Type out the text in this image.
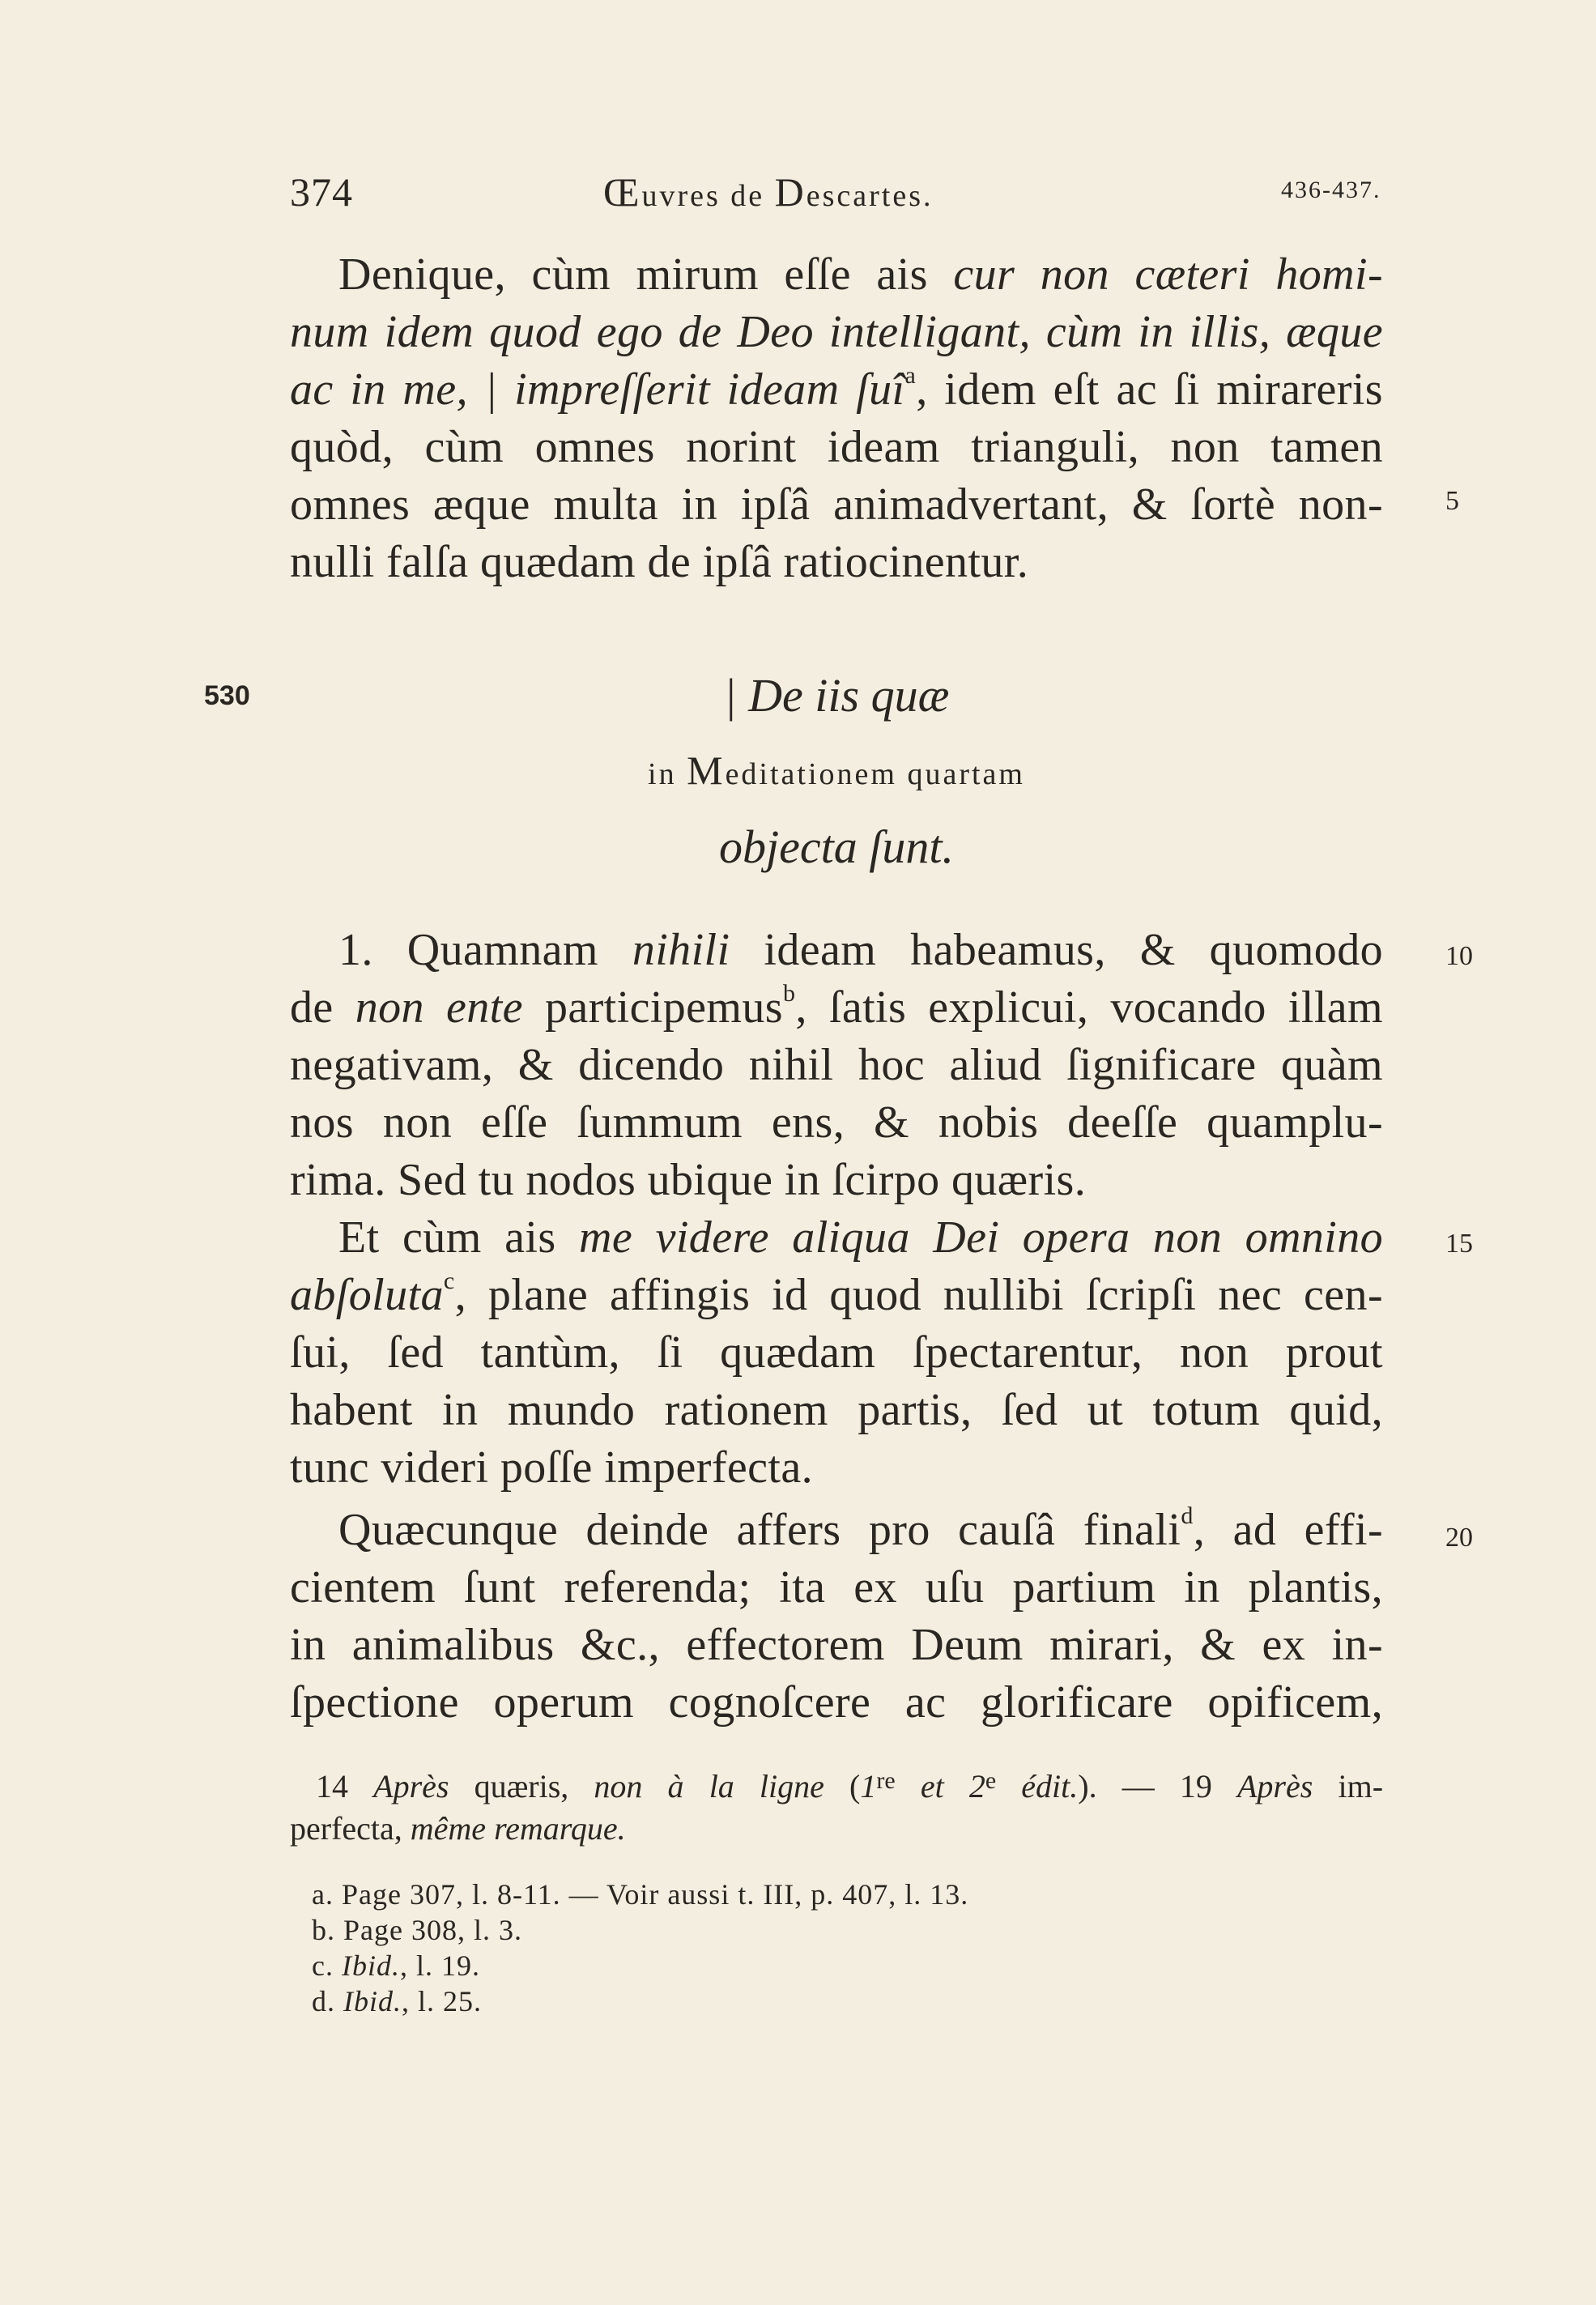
374	Œuvres de Descartes.	436-437.
Denique, cùm mirum eſſe ais cur non cæteri homi-
num idem quod ego de Deo intelligant, cùm in illis, æque
ac in me, | impreſſerit ideam ſuî$^a$, idem eſt ac ſi mirareris
quòd, cùm omnes norint ideam trianguli, non tamen
omnes æque multa in ipſâ animadvertant, & ſortè non-
nulli falſa quædam de ipſâ ratiocinentur.
5
530	| De iis quæ
in Meditationem quartam
objecta ſunt.
1. Quamnam nihili ideam habeamus, & quomodo
de non ente participemus$^b$, ſatis explicui, vocando illam
negativam, & dicendo nihil hoc aliud ſignificare quàm
nos non eſſe ſummum ens, & nobis deeſſe quamplu-
rima. Sed tu nodos ubique in ſcirpo quæris.
10
Et cùm ais me videre aliqua Dei opera non omnino
abſoluta$^c$, plane affingis id quod nullibi ſcripſi nec cen-
ſui, ſed tantùm, ſi quædam ſpectarentur, non prout
habent in mundo rationem partis, ſed ut totum quid,
tunc videri poſſe imperfecta.
15
Quæcunque deinde affers pro cauſâ finali$^d$, ad effi-
cientem ſunt referenda; ita ex uſu partium in plantis,
in animalibus &c., effectorem Deum mirari, & ex in-
ſpectione operum cognoſcere ac glorificare opificem,
20
14 Après quæris, non à la ligne (1re et 2e édit.). — 19 Après im-
perfecta, même remarque.
a. Page 307, l. 8-11. — Voir aussi t. III, p. 407, l. 13.
b. Page 308, l. 3.
c. Ibid., l. 19.
d. Ibid., l. 25.
